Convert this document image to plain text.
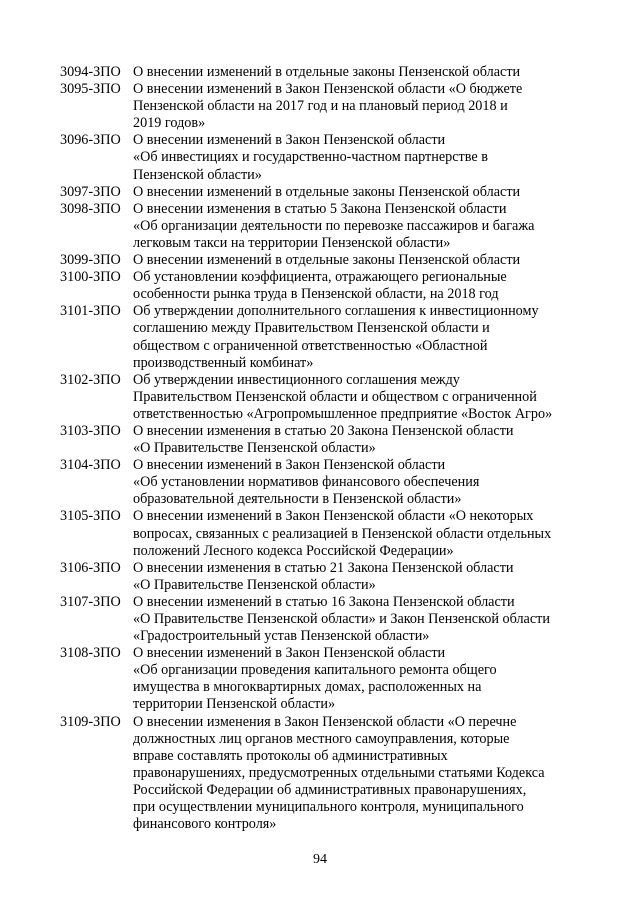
3094-ЗПО О внесении изменений в отдельные законы Пензенской области
3095-ЗПО О внесении изменений в Закон Пензенской области «О бюджете
Пензенской области на 2017 год и на плановый период 2018 и
2019 годов»
3096-ЗПО О внесении изменений в Закон Пензенской области
«Об инвестициях и государственно-частном партнерстве в
Пензенской области»
3097-ЗПО О внесении изменений в отдельные законы Пензенской области
3098-ЗПО О внесении изменения в статью 5 Закона Пензенской области
«Об организации деятельности по перевозке пассажиров и багажа
легковым такси на территории Пензенской области»
3099-ЗПО О внесении изменений в отдельные законы Пензенской области
3100-ЗПО Об установлении коэффициента, отражающего региональные
особенности рынка труда в Пензенской области, на 2018 год
3101-ЗПО Об утверждении дополнительного соглашения к инвестиционному
соглашению между Правительством Пензенской области и
обществом с ограниченной ответственностью «Областной
производственный комбинат»
3102-ЗПО Об утверждении инвестиционного соглашения между
Правительством Пензенской области и обществом с ограниченной
ответственностью «Агропромышленное предприятие «Восток Агро»
3103-ЗПО О внесении изменения в статью 20 Закона Пензенской области
«О Правительстве Пензенской области»
3104-ЗПО О внесении изменений в Закон Пензенской области
«Об установлении нормативов финансового обеспечения
образовательной деятельности в Пензенской области»
3105-ЗПО О внесении изменений в Закон Пензенской области «О некоторых
вопросах, связанных с реализацией в Пензенской области отдельных
положений Лесного кодекса Российской Федерации»
3106-ЗПО О внесении изменения в статью 21 Закона Пензенской области
«О Правительстве Пензенской области»
3107-ЗПО О внесении изменений в статью 16 Закона Пензенской области
«О Правительстве Пензенской области» и Закон Пензенской области
«Градостроительный устав Пензенской области»
3108-ЗПО О внесении изменений в Закон Пензенской области
«Об организации проведения капитального ремонта общего
имущества в многоквартирных домах, расположенных на
территории Пензенской области»
3109-ЗПО О внесении изменения в Закон Пензенской области «О перечне
должностных лиц органов местного самоуправления, которые
вправе составлять протоколы об административных
правонарушениях, предусмотренных отдельными статьями Кодекса
Российской Федерации об административных правонарушениях,
при осуществлении муниципального контроля, муниципального
финансового контроля»
94
